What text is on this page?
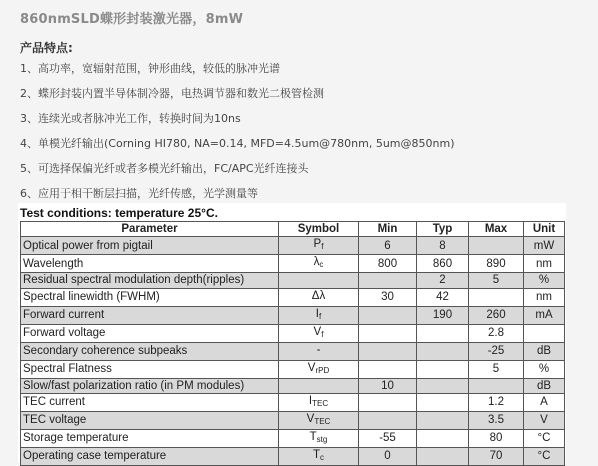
860nmSLD蝶形封装激光器，8mW
产品特点:
1、高功率，宽辐射范围，钟形曲线，较低的脉冲光谱
2、蝶形封装内置半导体制冷器，电热调节器和数光二极管检测
3、连续光或者脉冲光工作，转换时间为10ns
4、单模光纤输出(Corning HI780, NA=0.14, MFD=4.5um@780nm, 5um@850nm)
5、可选择保偏光纤或者多模光纤输出，FC/APC光纤连接头
6、应用于相干断层扫描，光纤传感，光学测量等
Test conditions: temperature 25°C.
Parameter	Symbol	Min	Typ	Max	Unit
Optical power from pigtail	Pf	6	8		mW
Wavelength	λc	800	860	890	nm
Residual spectral modulation depth(ripples)			2	5	%
Spectral linewidth (FWHM)	Δλ	30	42		nm
Forward current	If		190	260	mA
Forward voltage	Vf			2.8	
Secondary coherence subpeaks	-			-25	dB
Spectral Flatness	VrPD			5	%
Slow/fast polarization ratio (in PM modules)		10			dB
TEC current	ITEC			1.2	A
TEC voltage	VTEC			3.5	V
Storage temperature	Tstg	-55		80	°C
Operating case temperature	Tc	0		70	°C
